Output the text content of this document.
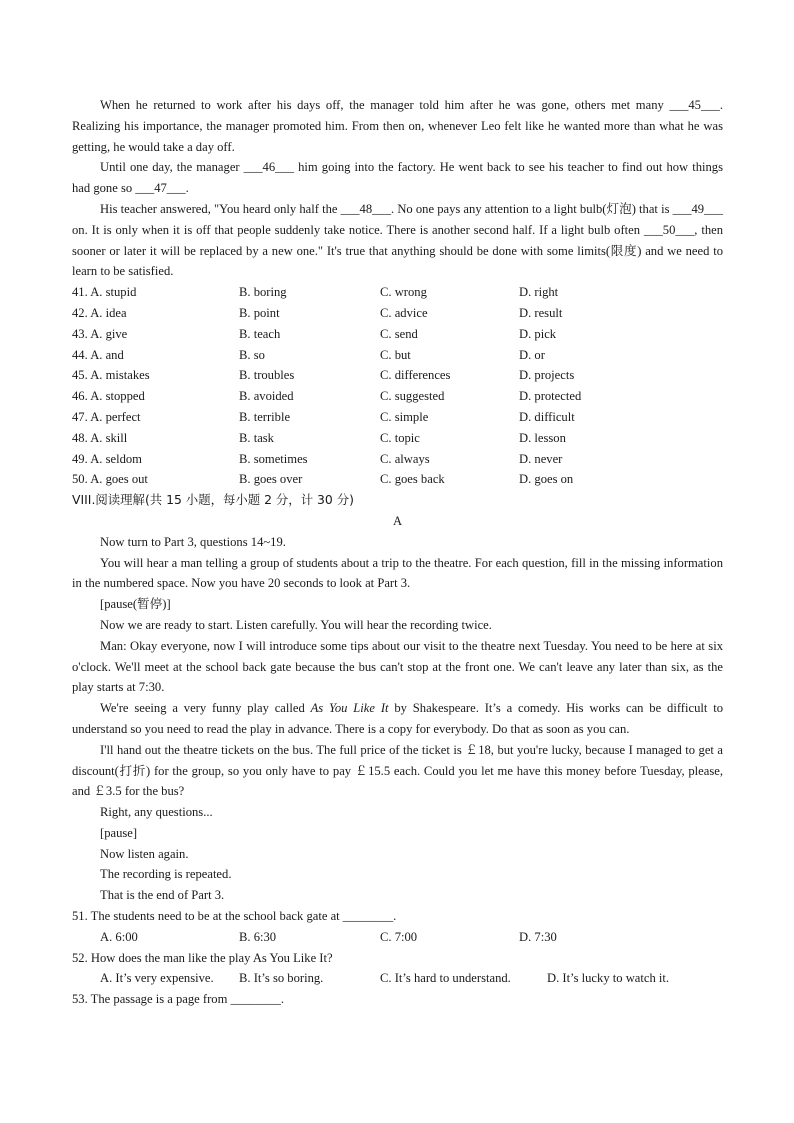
When he returned to work after his days off, the manager told him after he was gone, others met many ___45___. Realizing his importance, the manager promoted him. From then on, whenever Leo felt like he wanted more than what he was getting, he would take a day off.

Until one day, the manager ___46___ him going into the factory. He went back to see his teacher to find out how things had gone so ___47___.

His teacher answered, "You heard only half the ___48___. No one pays any attention to a light bulb(灯泡) that is ___49___ on. It is only when it is off that people suddenly take notice. There is another second half. If a light bulb often ___50___, then sooner or later it will be replaced by a new one." It's true that anything should be done with some limits(限度) and we need to learn to be satisfied.

41. A. stupid	B. boring	C. wrong	D. right
42. A. idea	B. point	C. advice	D. result
43. A. give	B. teach	C. send	D. pick
44. A. and	B. so	C. but	D. or
45. A. mistakes	B. troubles	C. differences	D. projects
46. A. stopped	B. avoided	C. suggested	D. protected
47. A. perfect	B. terrible	C. simple	D. difficult
48. A. skill	B. task	C. topic	D. lesson
49. A. seldom	B. sometimes	C. always	D. never
50. A. goes out	B. goes over	C. goes back	D. goes on

VIII.阅读理解(共 15 小题，每小题 2 分，计 30 分)

A

Now turn to Part 3, questions 14~19.

You will hear a man telling a group of students about a trip to the theatre. For each question, fill in the missing information in the numbered space. Now you have 20 seconds to look at Part 3.

[pause(暂停)]

Now we are ready to start. Listen carefully. You will hear the recording twice.

Man: Okay everyone, now I will introduce some tips about our visit to the theatre next Tuesday. You need to be here at six o'clock. We'll meet at the school back gate because the bus can't stop at the front one. We can't leave any later than six, as the play starts at 7:30.

We're seeing a very funny play called As You Like It by Shakespeare. It’s a comedy. His works can be difficult to understand so you need to read the play in advance. There is a copy for everybody. Do that as soon as you can.

I'll hand out the theatre tickets on the bus. The full price of the ticket is ￡18, but you're lucky, because I managed to get a discount(打折) for the group, so you only have to pay ￡15.5 each. Could you let me have this money before Tuesday, please, and ￡3.5 for the bus?

Right, any questions...

[pause]

Now listen again.

The recording is repeated.

That is the end of Part 3.

51. The students need to be at the school back gate at ________.

A. 6:00	B. 6:30	C. 7:00	D. 7:30

52. How does the man like the play As You Like It?

A. It’s very expensive.	B. It’s so boring.	C. It’s hard to understand.	D. It’s lucky to watch it.

53. The passage is a page from ________.
